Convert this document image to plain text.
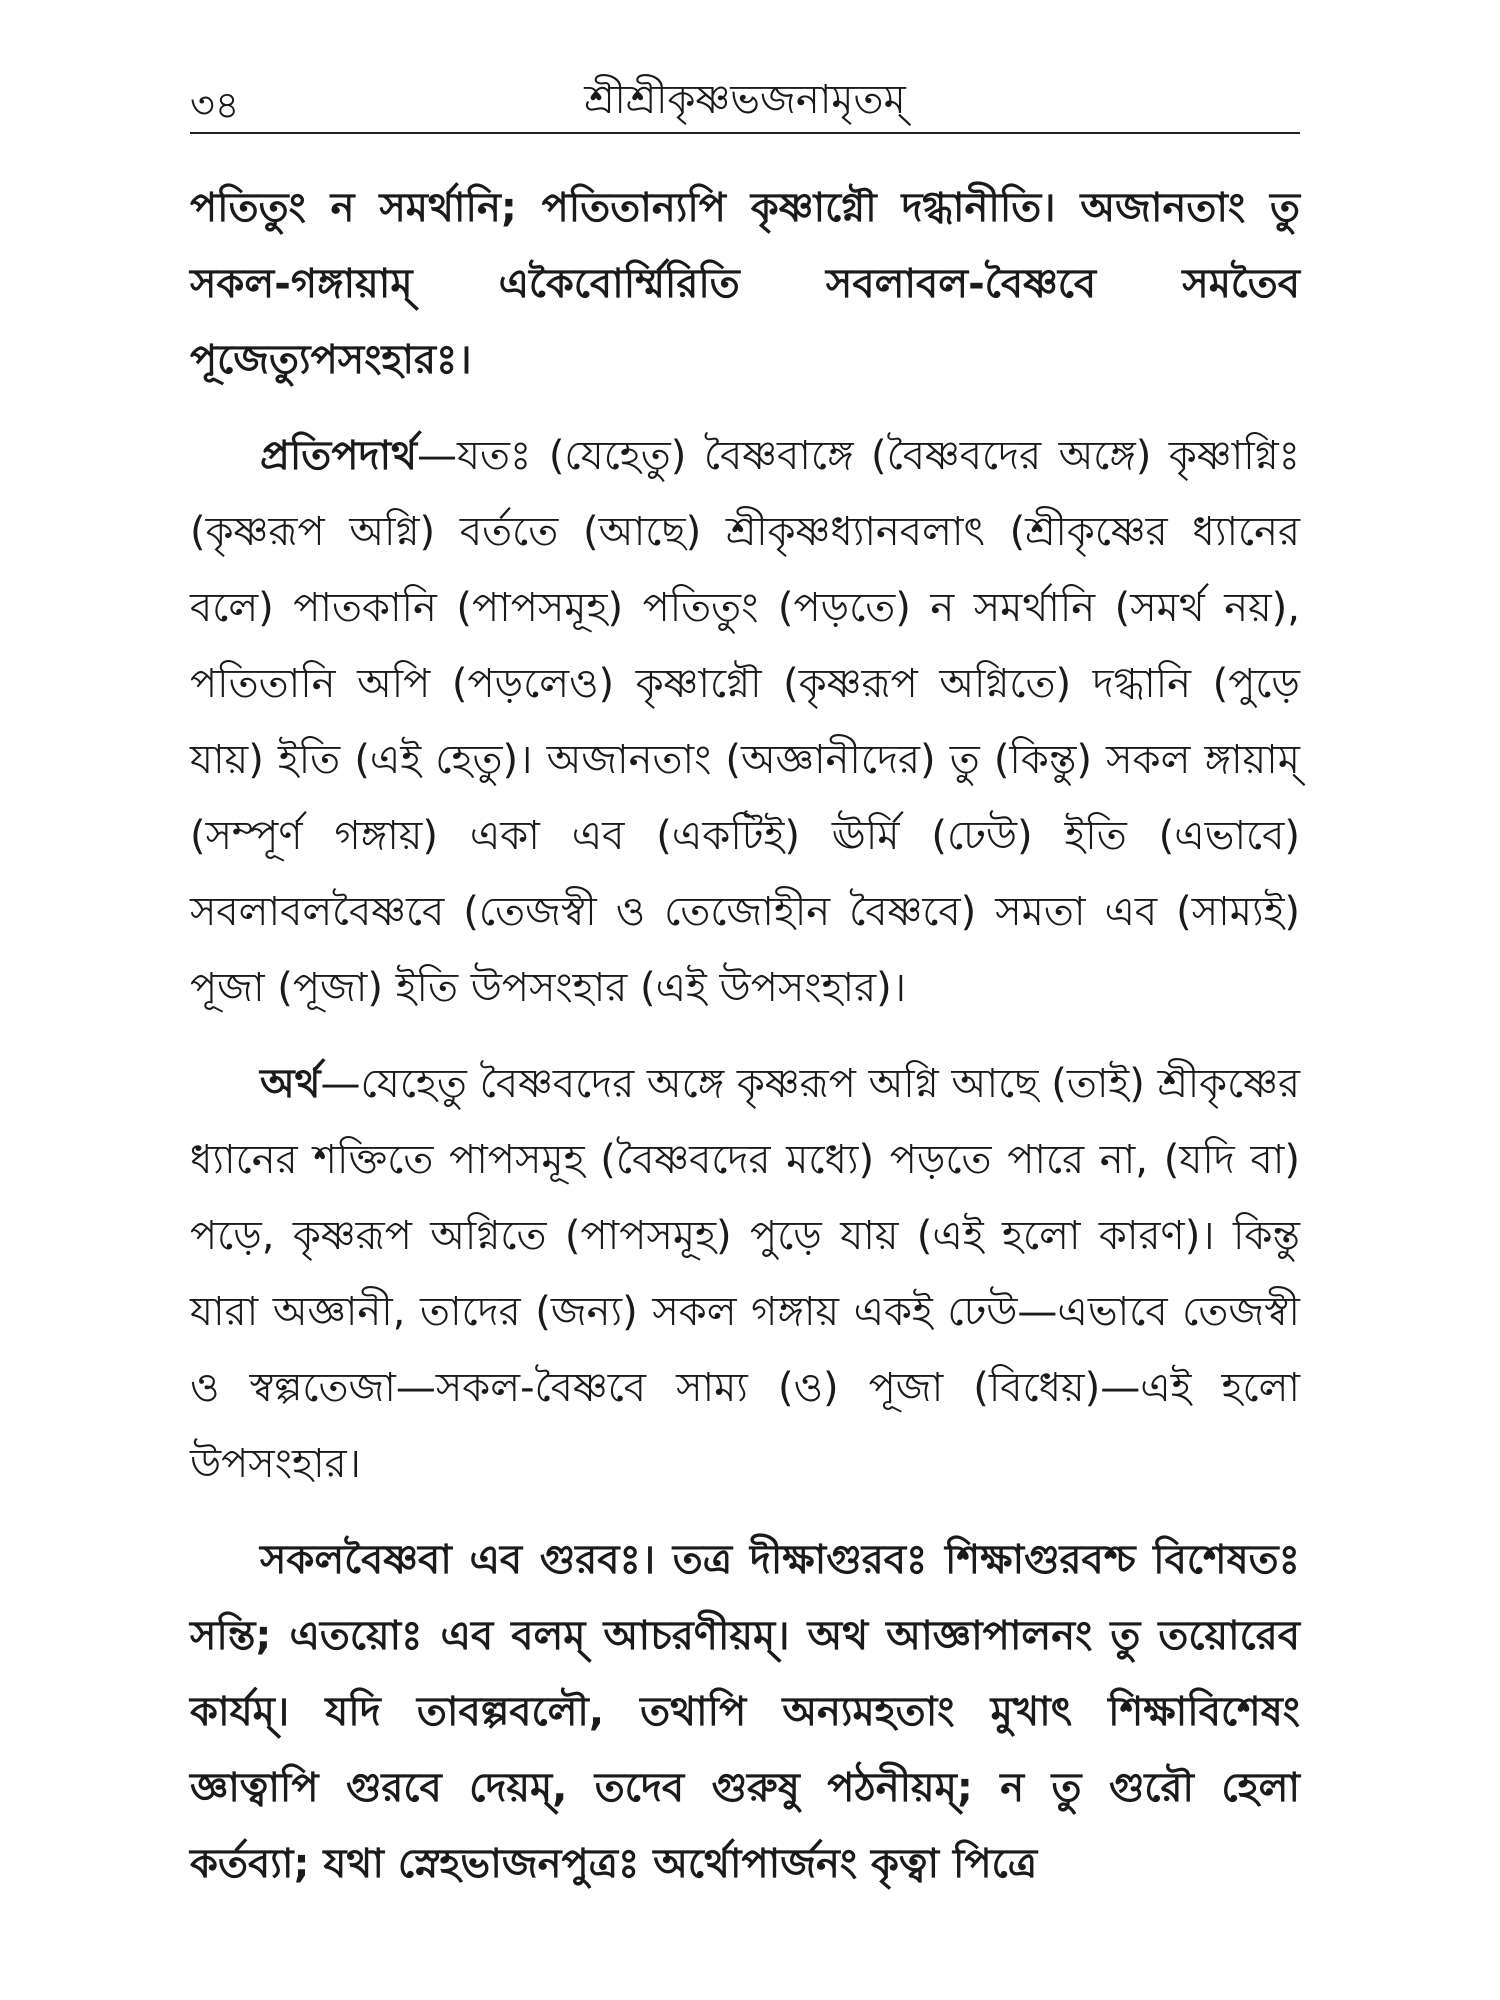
৩৪	শ্রীশ্রীকৃষ্ণভজনামৃতম্

পতিতুং ন সমর্থানি; পতিতান্যপি কৃষ্ণাগ্নৌ দগ্ধানীতি। অজানতাং তু সকল-গঙ্গায়াম্ একৈবোর্ম্মিরিতি সবলাবল-বৈষ্ণবে সমতৈব পূজেত্যুপসংহারঃ।

প্রতিপদার্থ—যতঃ (যেহেতু) বৈষ্ণবাঙ্গে (বৈষ্ণবদের অঙ্গে) কৃষ্ণাগ্নিঃ (কৃষ্ণরূপ অগ্নি) বর্ততে (আছে) শ্রীকৃষ্ণধ্যানবলাৎ (শ্রীকৃষ্ণের ধ্যানের বলে) পাতকানি (পাপসমূহ) পতিতুং (পড়তে) ন সমর্থানি (সমর্থ নয়), পতিতানি অপি (পড়লেও) কৃষ্ণাগ্নৌ (কৃষ্ণরূপ অগ্নিতে) দগ্ধানি (পুড়ে যায়) ইতি (এই হেতু)। অজানতাং (অজ্ঞানীদের) তু (কিন্তু) সকল ঙ্গায়াম্ (সম্পূর্ণ গঙ্গায়) একা এব (একটিই) ঊর্মি (ঢেউ) ইতি (এভাবে) সবলাবলবৈষ্ণবে (তেজস্বী ও তেজোহীন বৈষ্ণবে) সমতা এব (সাম্যই) পূজা (পূজা) ইতি উপসংহার (এই উপসংহার)।

অর্থ—যেহেতু বৈষ্ণবদের অঙ্গে কৃষ্ণরূপ অগ্নি আছে (তাই) শ্রীকৃষ্ণের ধ্যানের শক্তিতে পাপসমূহ (বৈষ্ণবদের মধ্যে) পড়তে পারে না, (যদি বা) পড়ে, কৃষ্ণরূপ অগ্নিতে (পাপসমূহ) পুড়ে যায় (এই হলো কারণ)। কিন্তু যারা অজ্ঞানী, তাদের (জন্য) সকল গঙ্গায় একই ঢেউ—এভাবে তেজস্বী ও স্বল্পতেজা—সকল-বৈষ্ণবে সাম্য (ও) পূজা (বিধেয়)—এই হলো উপসংহার।

সকলবৈষ্ণবা এব গুরবঃ। তত্র দীক্ষাগুরবঃ শিক্ষাগুরবশ্চ বিশেষতঃ সন্তি; এতয়োঃ এব বলম্ আচরণীয়ম্। অথ আজ্ঞাপালনং তু তয়োরেব কার্যম্। যদি তাবল্পবলৌ, তথাপি অন্যমহতাং মুখাৎ শিক্ষাবিশেষং জ্ঞাত্বাপি গুরবে দেয়ম্, তদেব গুরুষু পঠনীয়ম্; ন তু গুরৌ হেলা কর্তব্যা; যথা স্নেহভাজনপুত্রঃ অর্থোপার্জনং কৃত্বা পিত্রে
